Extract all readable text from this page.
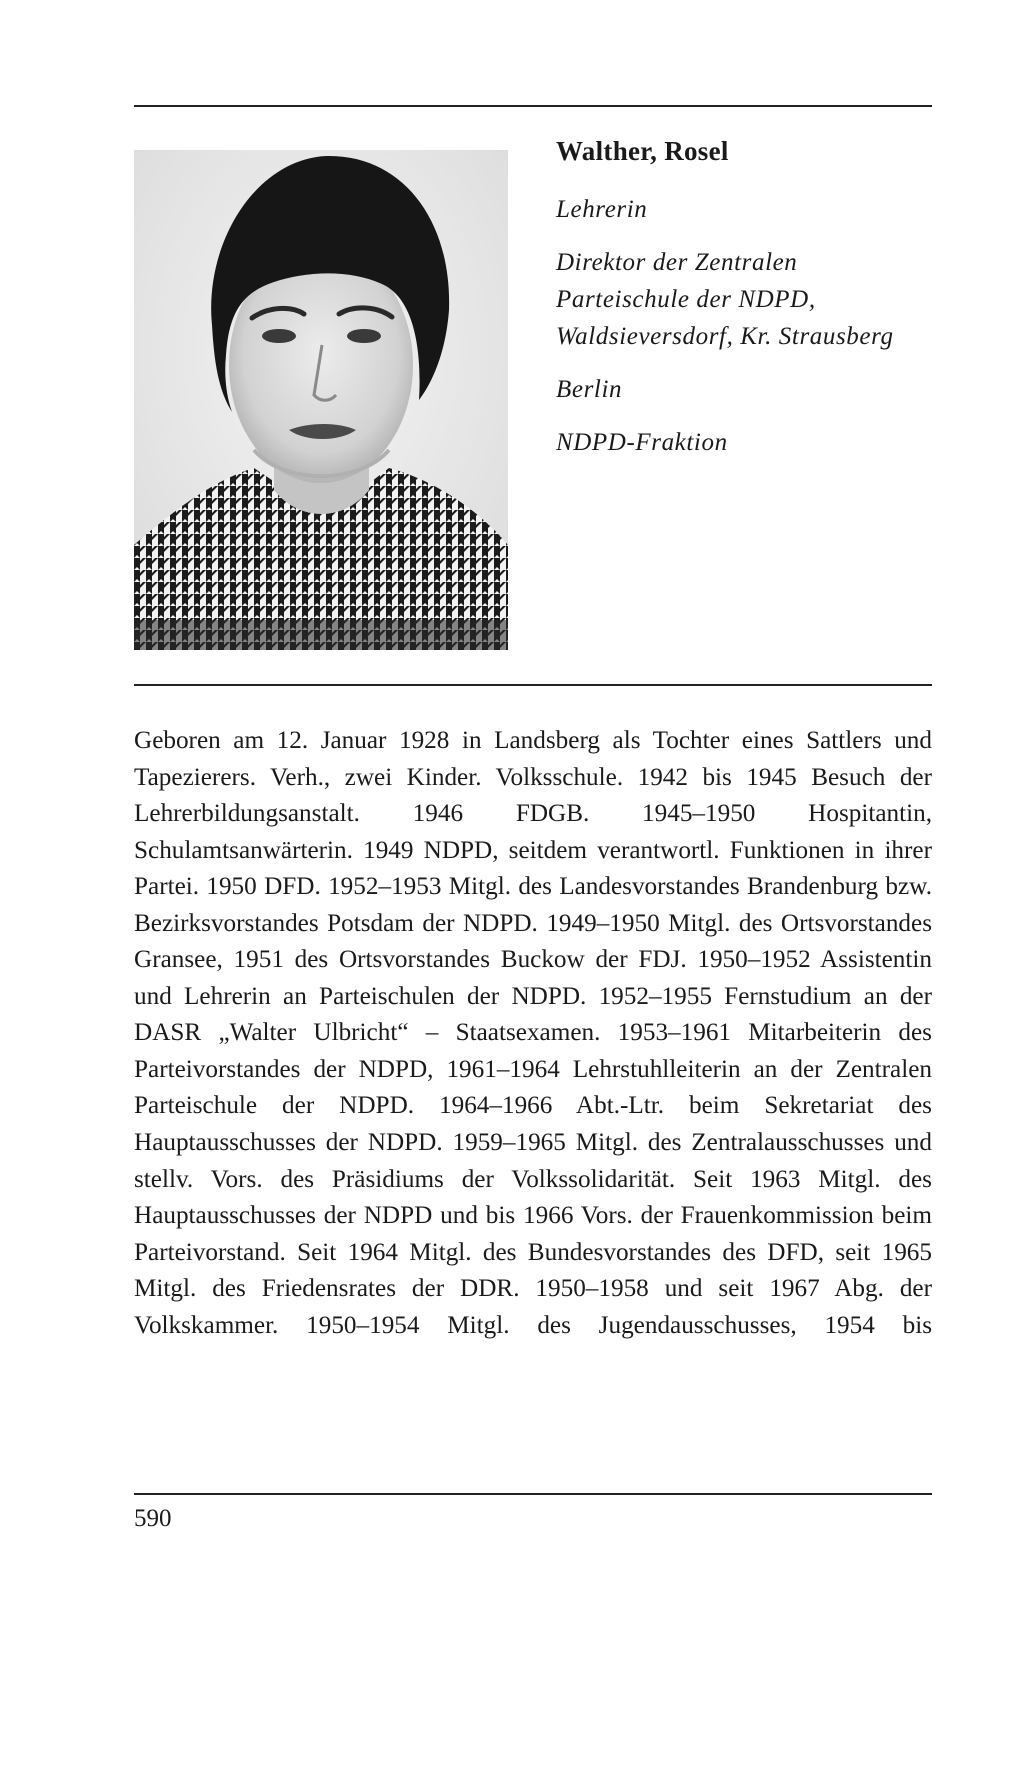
Walther, Rosel
Lehrerin
Direktor der Zentralen Parteischule der NDPD, Waldsieversdorf, Kr. Strausberg
Berlin
NDPD-Fraktion

Geboren am 12. Januar 1928 in Landsberg als Tochter eines Sattlers und Tapezierers. Verh., zwei Kinder. Volksschule. 1942 bis 1945 Besuch der Lehrerbildungsanstalt. 1946 FDGB. 1945–1950 Hospitantin, Schulamtsanwärterin. 1949 NDPD, seitdem verantwortl. Funktionen in ihrer Partei. 1950 DFD. 1952–1953 Mitgl. des Landesvorstandes Brandenburg bzw. Bezirksvorstandes Potsdam der NDPD. 1949–1950 Mitgl. des Ortsvorstandes Gransee, 1951 des Ortsvorstandes Buckow der FDJ. 1950–1952 Assistentin und Lehrerin an Parteischulen der NDPD. 1952–1955 Fernstudium an der DASR „Walter Ulbricht“ – Staatsexamen. 1953–1961 Mitarbeiterin des Parteivorstandes der NDPD, 1961–1964 Lehrstuhlleiterin an der Zentralen Parteischule der NDPD. 1964–1966 Abt.-Ltr. beim Sekretariat des Hauptausschusses der NDPD. 1959–1965 Mitgl. des Zentralausschusses und stellv. Vors. des Präsidiums der Volkssolidarität. Seit 1963 Mitgl. des Hauptausschusses der NDPD und bis 1966 Vors. der Frauenkommission beim Parteivorstand. Seit 1964 Mitgl. des Bundesvorstandes des DFD, seit 1965 Mitgl. des Friedensrates der DDR. 1950–1958 und seit 1967 Abg. der Volkskammer. 1950–1954 Mitgl. des Jugendausschusses, 1954 bis

590
